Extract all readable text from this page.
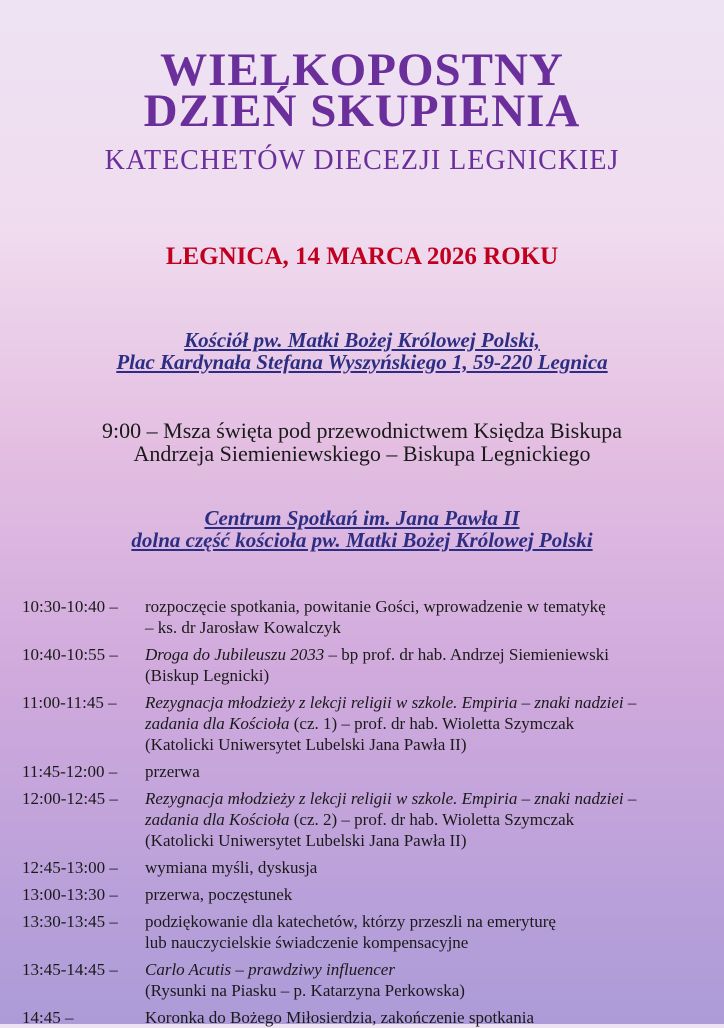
WIELKOPOSTNY
DZIEŃ SKUPIENIA
KATECHETÓW DIECEZJI LEGNICKIEJ
LEGNICA, 14 MARCA 2026 ROKU
Kościół pw. Matki Bożej Królowej Polski,
Plac Kardynała Stefana Wyszyńskiego 1, 59-220 Legnica
9:00 – Msza święta pod przewodnictwem Księdza Biskupa
Andrzeja Siemieniewskiego – Biskupa Legnickiego
Centrum Spotkań im. Jana Pawła II
dolna część kościoła pw. Matki Bożej Królowej Polski
10:30-10:40 –	rozpoczęcie spotkania, powitanie Gości, wprowadzenie w tematykę
– ks. dr Jarosław Kowalczyk
10:40-10:55 –	Droga do Jubileuszu 2033 – bp prof. dr hab. Andrzej Siemieniewski
(Biskup Legnicki)
11:00-11:45 –	Rezygnacja młodzieży z lekcji religii w szkole. Empiria – znaki nadziei –
zadania dla Kościoła (cz. 1) – prof. dr hab. Wioletta Szymczak
(Katolicki Uniwersytet Lubelski Jana Pawła II)
11:45-12:00 –	przerwa
12:00-12:45 –	Rezygnacja młodzieży z lekcji religii w szkole. Empiria – znaki nadziei –
zadania dla Kościoła (cz. 2) – prof. dr hab. Wioletta Szymczak
(Katolicki Uniwersytet Lubelski Jana Pawła II)
12:45-13:00 –	wymiana myśli, dyskusja
13:00-13:30 –	przerwa, poczęstunek
13:30-13:45 –	podziękowanie dla katechetów, którzy przeszli na emeryturę
lub nauczycielskie świadczenie kompensacyjne
13:45-14:45 –	Carlo Acutis – prawdziwy influencer
(Rysunki na Piasku – p. Katarzyna Perkowska)
14:45 –	Koronka do Bożego Miłosierdzia, zakończenie spotkania
